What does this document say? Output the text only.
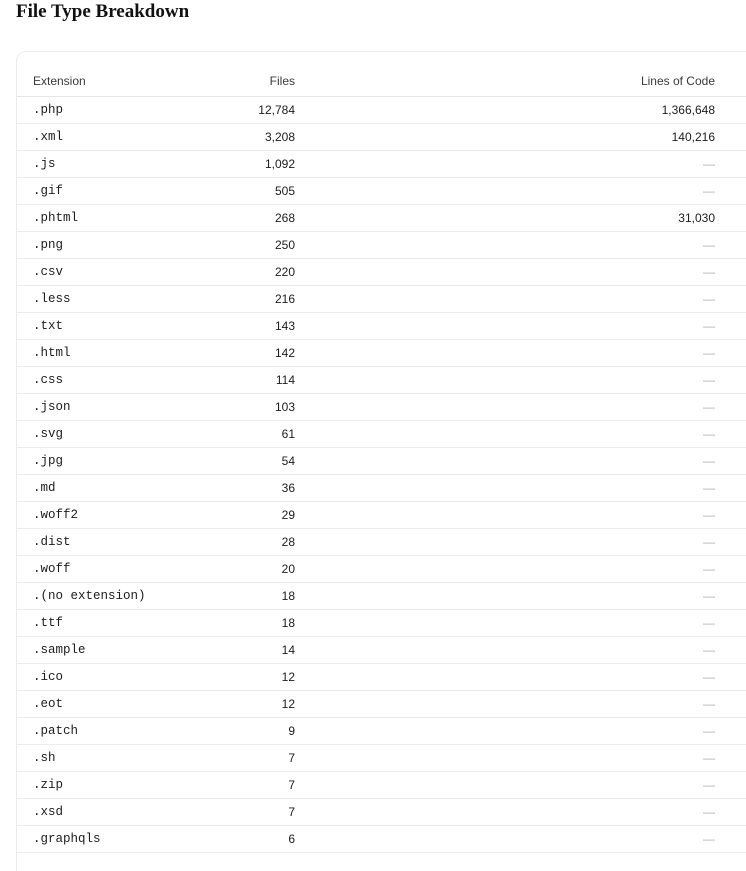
File Type Breakdown
Extension	Files	Lines of Code	
.php	12,784	1,366,648	
.xml	3,208	140,216	
.js	1,092	—	
.gif	505	—	
.phtml	268	31,030	
.png	250	—	
.csv	220	—	
.less	216	—	
.txt	143	—	
.html	142	—	
.css	114	—	
.json	103	—	
.svg	61	—	
.jpg	54	—	
.md	36	—	
.woff2	29	—	
.dist	28	—	
.woff	20	—	
.(no extension)	18	—	
.ttf	18	—	
.sample	14	—	
.ico	12	—	
.eot	12	—	
.patch	9	—	
.sh	7	—	
.zip	7	—	
.xsd	7	—	
.graphqls	6	—	
